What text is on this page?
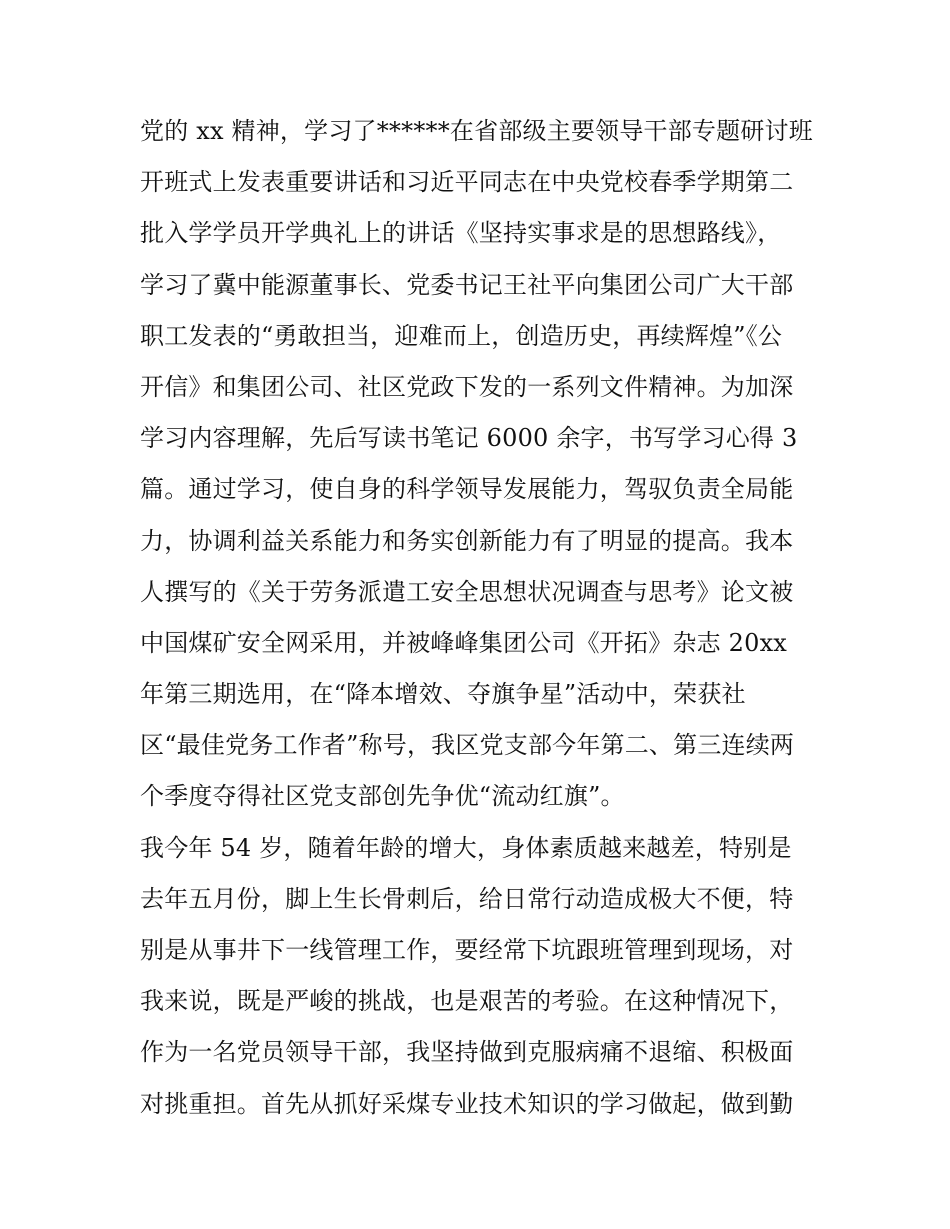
党的 xx 精神，学习了******在省部级主要领导干部专题研讨班
开班式上发表重要讲话和习近平同志在中央党校春季学期第二
批入学学员开学典礼上的讲话《坚持实事求是的思想路线》，
学习了冀中能源董事长、党委书记王社平向集团公司广大干部
职工发表的“勇敢担当，迎难而上，创造历史，再续辉煌”《公
开信》和集团公司、社区党政下发的一系列文件精神。为加深
学习内容理解，先后写读书笔记 6000 余字，书写学习心得 3
篇。通过学习，使自身的科学领导发展能力，驾驭负责全局能
力，协调利益关系能力和务实创新能力有了明显的提高。我本
人撰写的《关于劳务派遣工安全思想状况调查与思考》论文被
中国煤矿安全网采用，并被峰峰集团公司《开拓》杂志 20xx
年第三期选用，在“降本增效、夺旗争星”活动中，荣获社
区“最佳党务工作者”称号，我区党支部今年第二、第三连续两
个季度夺得社区党支部创先争优“流动红旗”。
我今年 54 岁，随着年龄的增大，身体素质越来越差，特别是
去年五月份，脚上生长骨刺后，给日常行动造成极大不便，特
别是从事井下一线管理工作，要经常下坑跟班管理到现场，对
我来说，既是严峻的挑战，也是艰苦的考验。在这种情况下，
作为一名党员领导干部，我坚持做到克服病痛不退缩、积极面
对挑重担。首先从抓好采煤专业技术知识的学习做起，做到勤
